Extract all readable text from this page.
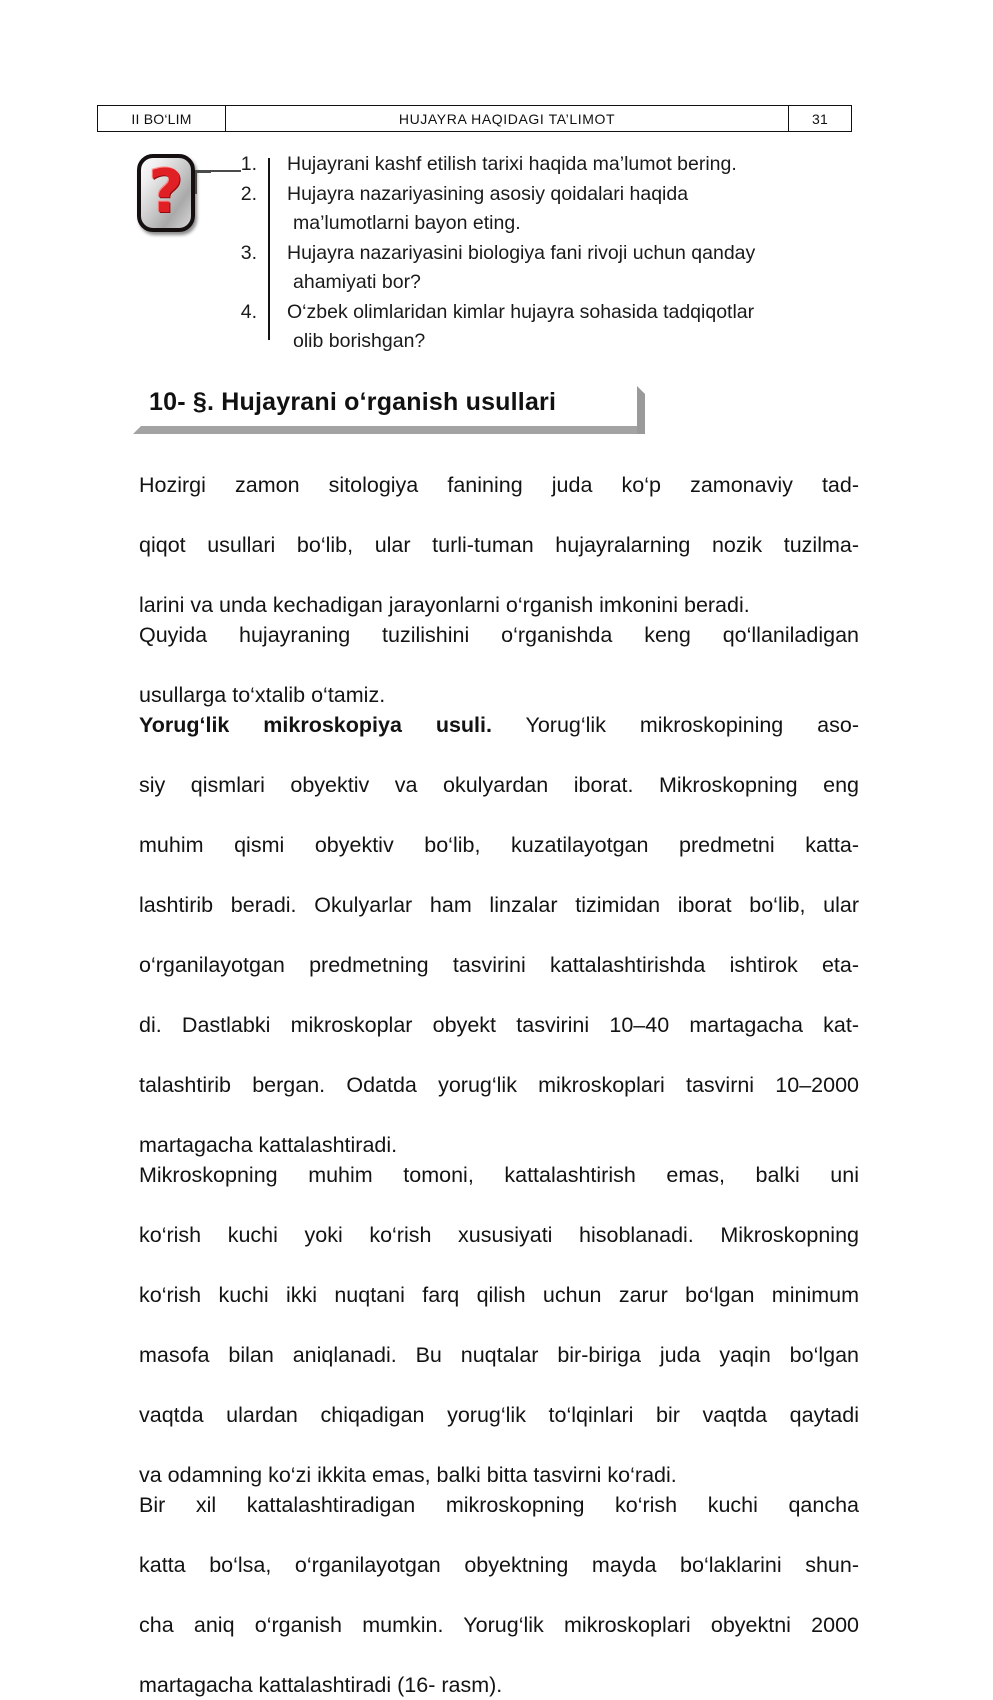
II BO‘LIM	HUJAYRA HAQIDAGI TA’LIMOT	31
?	1.	Hujayrani kashf etilish tarixi haqida ma’lumot bering.
2.	Hujayra nazariyasining asosiy qoidalari haqida
ma’lumotlarni bayon eting.
3.	Hujayra nazariyasini biologiya fani rivoji uchun qanday
ahamiyati bor?
4.	O‘zbek olimlaridan kimlar hujayra sohasida tadqiqotlar
olib borishgan?
10- §. Hujayrani o‘rganish usullari

Hozirgi zamon sitologiya fanining juda ko‘p zamonaviy tad-
qiqot usullari bo‘lib, ular turli-tuman hujayralarning nozik tuzilma-
larini va unda kechadigan jarayonlarni o‘rganish imkonini beradi.

Quyida hujayraning tuzilishini o‘rganishda keng qo‘llaniladigan
usullarga to‘xtalib o‘tamiz.

Yorug‘lik mikroskopiya usuli. Yorug‘lik mikroskopining aso-
siy qismlari obyektiv va okulyardan iborat. Mikroskopning eng
muhim qismi obyektiv bo‘lib, kuzatilayotgan predmetni katta-
lashtirib beradi. Okulyarlar ham linzalar tizimidan iborat bo‘lib, ular
o‘rganilayotgan predmetning tasvirini kattalashtirishda ishtirok eta-
di. Dastlabki mikroskoplar obyekt tasvirini 10–40 martagacha kat-
talashtirib bergan. Odatda yorug‘lik mikroskoplari tasvirni 10–2000
martagacha kattalashtiradi.

Mikroskopning muhim tomoni, kattalashtirish emas, balki uni
ko‘rish kuchi yoki ko‘rish xususiyati hisoblanadi. Mikroskopning
ko‘rish kuchi ikki nuqtani farq qilish uchun zarur bo‘lgan minimum
masofa bilan aniqlanadi. Bu nuqtalar bir-biriga juda yaqin bo‘lgan
vaqtda ulardan chiqadigan yorug‘lik to‘lqinlari bir vaqtda qaytadi
va odamning ko‘zi ikkita emas, balki bitta tasvirni ko‘radi.

Bir xil kattalashtiradigan mikroskopning ko‘rish kuchi qancha
katta bo‘lsa, o‘rganilayotgan obyektning mayda bo‘laklarini shun-
cha aniq o‘rganish mumkin. Yorug‘lik mikroskoplari obyektni 2000
martagacha kattalashtiradi (16- rasm).
